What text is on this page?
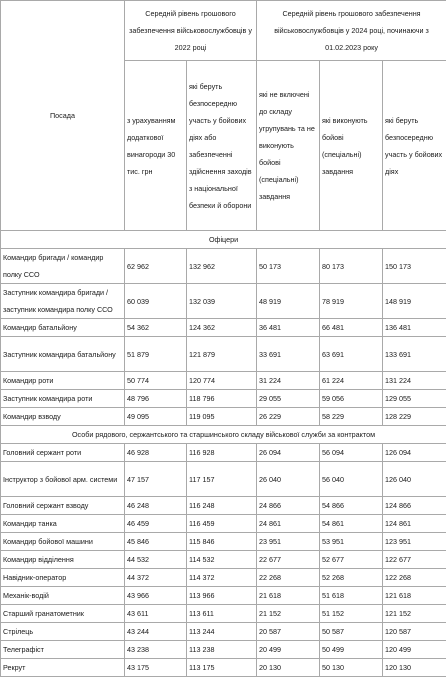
Посада	Середній рівень грошового забезпечення військовослужбовців у 2022 році		Середній рівень грошового забезпечення військовослужбовців у 2024 році, починаючи з 01.02.2023 року		
	з урахуванням додаткової винагороди 30 тис. грн	які беруть безпосередню участь у бойових діях або забезпеченні здійснення заходів з національної безпеки й оборони	які не включені до складу угрупувань та не виконують бойові (спеціальні) завдання	які виконують бойові (спеціальні) завдання	які беруть безпосередню участь у бойових діях
Офіцери					
Командир бригади / командир полку ССО	62 962	132 962	50 173	80 173	150 173
Заступник командира бригади / заступник командира полку ССО	60 039	132 039	48 919	78 919	148 919
Командир батальйону	54 362	124 362	36 481	66 481	136 481
Заступник командира батальйону	51 879	121 879	33 691	63 691	133 691
Командир роти	50 774	120 774	31 224	61 224	131 224
Заступник командира роти	48 796	118 796	29 055	59 056	129 055
Командир взводу	49 095	119 095	26 229	58 229	128 229
Особи рядового, сержантського та старшинського складу військової служби за контрактом					
Головний сержант роти	46 928	116 928	26 094	56 094	126 094
Інструктор з бойової арм. системи	47 157	117 157	26 040	56 040	126 040
Головний сержант взводу	46 248	116 248	24 866	54 866	124 866
Командир танка	46 459	116 459	24 861	54 861	124 861
Командир бойової машини	45 846	115 846	23 951	53 951	123 951
Командир відділення	44 532	114 532	22 677	52 677	122 677
Навідник-оператор	44 372	114 372	22 268	52 268	122 268
Механік-водій	43 966	113 966	21 618	51 618	121 618
Старший гранатометник	43 611	113 611	21 152	51 152	121 152
Стрілець	43 244	113 244	20 587	50 587	120 587
Телеграфіст	43 238	113 238	20 499	50 499	120 499
Рекрут	43 175	113 175	20 130	50 130	120 130
